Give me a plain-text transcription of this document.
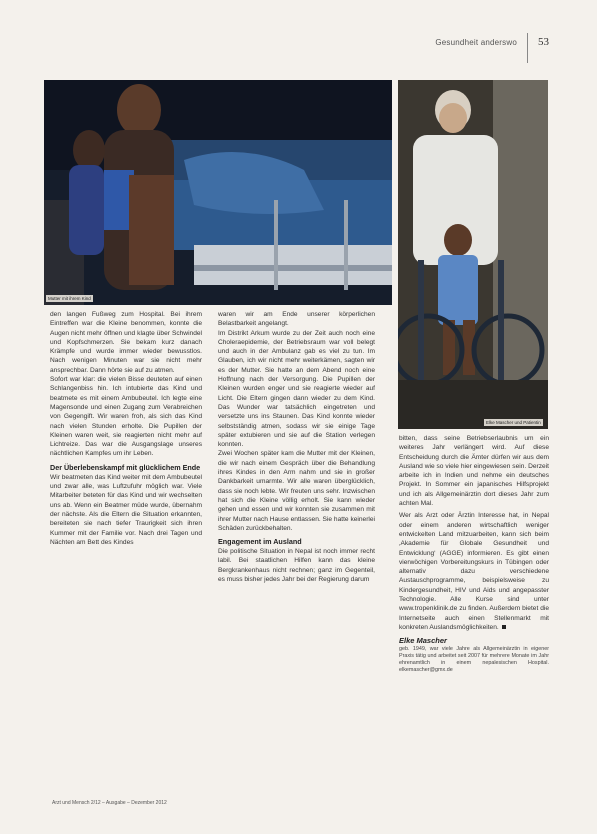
Gesundheit anderswo 53
Mutter mit ihrem Kind
Elke Mascher und Patientin

den langen Fußweg zum Hospital. Bei ihrem Eintreffen war die Kleine benommen, konnte die Augen nicht mehr öffnen und klagte über Schwindel und Kopfschmerzen. Sie bekam kurz danach Krämpfe und wurde immer wieder bewusstlos. Nach wenigen Minuten war sie nicht mehr ansprechbar. Dann hörte sie auf zu atmen.

Sofort war klar: die vielen Bisse deuteten auf einen Schlangenbiss hin. Ich intubierte das Kind und beatmete es mit einem Ambubeutel. Ich legte eine Magensonde und einen Zugang zum Verabreichen von Gegengift. Wir waren froh, als sich das Kind nach vielen Stunden erholte. Die Pupillen der Kleinen waren weit, sie reagierten nicht mehr auf Lichtreize. Das war die Ausgangslage unseres nächtlichen Kampfes um ihr Leben.

Der Überlebenskampf mit glücklichem Ende

Wir beatmeten das Kind weiter mit dem Ambubeutel und zwar alle, was Luftzufuhr möglich war. Viele Mitarbeiter beteten für das Kind und wir wechselten uns ab. Wenn ein Beatmer müde wurde, übernahm der nächste. Als die Eltern die Situation erkannten, bereiteten sie nach tiefer Traurigkeit sich ihren Kummer mit der Familie vor. Nach drei Tagen und Nächten am Bett des Kindes

waren wir am Ende unserer körperlichen Belastbarkeit angelangt.

Im Distrikt Arkum wurde zu der Zeit auch noch eine Choleraepidemie, der Betriebsraum war voll belegt und auch in der Ambulanz gab es viel zu tun. Im Glauben, ich wir nicht mehr weiterkämen, sagten wir es der Mutter. Sie hatte an dem Abend noch eine Hoffnung nach der Versorgung. Die Pupillen der Kleinen wurden enger und sie reagierte wieder auf Licht. Die Eltern gingen dann wieder zu dem Kind. Das Wunder war tatsächlich eingetreten und versetzte uns ins Staunen. Das Kind konnte wieder selbstständig atmen, sodass wir sie einige Tage später extubieren und sie auf die Station verlegen konnten.

Zwei Wochen später kam die Mutter mit der Kleinen, die wir nach einem Gespräch über die Behandlung ihres Kindes in den Arm nahm und sie in großer Dankbarkeit umarmte. Wir alle waren überglücklich, dass sie noch lebte. Wir freuten uns sehr. Inzwischen hat sich die Kleine völlig erholt. Sie kann wieder gehen und essen und wir konnten sie zusammen mit ihrer Mutter nach Hause entlassen. Sie hatte keinerlei Schäden zurückbehalten.

Engagement im Ausland

Die politische Situation in Nepal ist noch immer recht labil. Bei staatlichen Hilfen kann das kleine Bergkrankenhaus nicht rechnen; ganz im Gegenteil, es muss bisher jedes Jahr bei der Regierung darum

bitten, dass seine Betriebserlaubnis um ein weiteres Jahr verlängert wird. Auf diese Entscheidung durch die Ämter dürfen wir aus dem Ausland wie so viele hier eingewiesen sein. Derzeit arbeite ich in Indien und nehme ein deutsches Projekt. In Sommer ein japanisches Hilfsprojekt und ich als Allgemeinärztin dort dieses Jahr zum achten Mal.

Wer als Arzt oder Ärztin Interesse hat, in Nepal oder einem anderen wirtschaftlich weniger entwickelten Land mitzuarbeiten, kann sich beim ‚Akademie für Globale Gesundheit und Entwicklung‘ (AGGE) informieren. Es gibt einen vierwöchigen Vorbereitungskurs in Tübingen oder alternativ dazu verschiedene Austauschprogramme, beispielsweise zu Kindergesundheit, HIV und Aids und angepasster Technologie. Alle Kurse sind unter www.tropenklinik.de zu finden. Außerdem bietet die Internetseite auch einen Stellenmarkt mit konkreten Auslandsmöglichkeiten.

Elke Mascher
geb. 1949, war viele Jahre als Allgemeinärztin in eigener Praxis tätig und arbeitet seit 2007 für mehrere Monate im Jahr ehrenamtlich in einem nepalesischen Hospital. elkemascher@gmx.de
Arzt und Mensch 2/12 – Ausgabe – Dezember 2012
